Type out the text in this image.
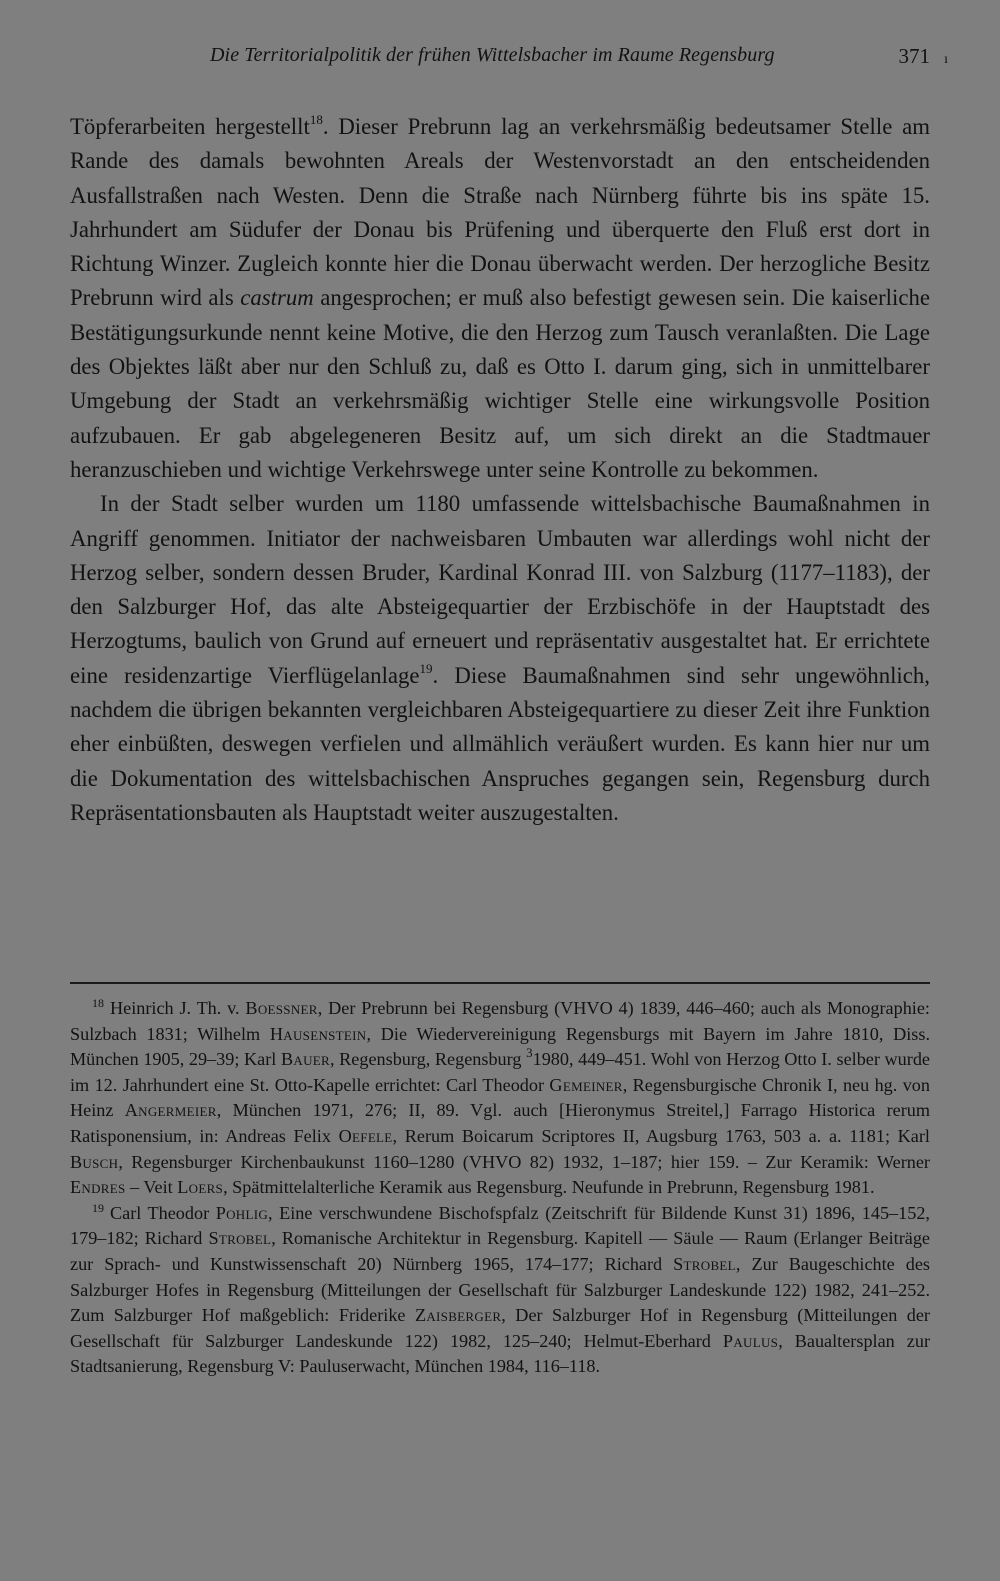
Die Territorialpolitik der frühen Wittelsbacher im Raume Regensburg	371 ı

Töpferarbeiten hergestellt$^{18}$. Dieser Prebrunn lag an verkehrsmäßig bedeutsamer Stelle am Rande des damals bewohnten Areals der Westenvorstadt an den entscheidenden Ausfallstraßen nach Westen. Denn die Straße nach Nürnberg führte bis ins späte 15. Jahrhundert am Südufer der Donau bis Prüfening und überquerte den Fluß erst dort in Richtung Winzer. Zugleich konnte hier die Donau überwacht werden. Der herzogliche Besitz Prebrunn wird als castrum angesprochen; er muß also befestigt gewesen sein. Die kaiserliche Bestätigungsurkunde nennt keine Motive, die den Herzog zum Tausch veranlaßten. Die Lage des Objektes läßt aber nur den Schluß zu, daß es Otto I. darum ging, sich in unmittelbarer Umgebung der Stadt an verkehrsmäßig wichtiger Stelle eine wirkungsvolle Position aufzubauen. Er gab abgelegeneren Besitz auf, um sich direkt an die Stadtmauer heranzuschieben und wichtige Verkehrswege unter seine Kontrolle zu bekommen.

In der Stadt selber wurden um 1180 umfassende wittelsbachische Baumaßnahmen in Angriff genommen. Initiator der nachweisbaren Umbauten war allerdings wohl nicht der Herzog selber, sondern dessen Bruder, Kardinal Konrad III. von Salzburg (1177–1183), der den Salzburger Hof, das alte Absteigequartier der Erzbischöfe in der Hauptstadt des Herzogtums, baulich von Grund auf erneuert und repräsentativ ausgestaltet hat. Er errichtete eine residenzartige Vierflügelanlage$^{19}$. Diese Baumaßnahmen sind sehr ungewöhnlich, nachdem die übrigen bekannten vergleichbaren Absteigequartiere zu dieser Zeit ihre Funktion eher einbüßten, deswegen verfielen und allmählich veräußert wurden. Es kann hier nur um die Dokumentation des wittelsbachischen Anspruches gegangen sein, Regensburg durch Repräsentationsbauten als Hauptstadt weiter auszugestalten.

$^{18}$ Heinrich J. Th. v. Boessner, Der Prebrunn bei Regensburg (VHVO 4) 1839, 446–460; auch als Monographie: Sulzbach 1831; Wilhelm Hausenstein, Die Wiedervereinigung Regensburgs mit Bayern im Jahre 1810, Diss. München 1905, 29–39; Karl Bauer, Regensburg, Regensburg $^3$1980, 449–451. Wohl von Herzog Otto I. selber wurde im 12. Jahrhundert eine St. Otto-Kapelle errichtet: Carl Theodor Gemeiner, Regensburgische Chronik I, neu hg. von Heinz Angermeier, München 1971, 276; II, 89. Vgl. auch [Hieronymus Streitel,] Farrago Historica rerum Ratisponensium, in: Andreas Felix Oefele, Rerum Boicarum Scriptores II, Augsburg 1763, 503 a. a. 1181; Karl Busch, Regensburger Kirchenbaukunst 1160–1280 (VHVO 82) 1932, 1–187; hier 159. – Zur Keramik: Werner Endres – Veit Loers, Spätmittelalterliche Keramik aus Regensburg. Neufunde in Prebrunn, Regensburg 1981.

$^{19}$ Carl Theodor Pohlig, Eine verschwundene Bischofspfalz (Zeitschrift für Bildende Kunst 31) 1896, 145–152, 179–182; Richard Strobel, Romanische Architektur in Regensburg. Kapitell — Säule — Raum (Erlanger Beiträge zur Sprach- und Kunstwissenschaft 20) Nürnberg 1965, 174–177; Richard Strobel, Zur Baugeschichte des Salzburger Hofes in Regensburg (Mitteilungen der Gesellschaft für Salzburger Landeskunde 122) 1982, 241–252. Zum Salzburger Hof maßgeblich: Friderike Zaisberger, Der Salzburger Hof in Regensburg (Mitteilungen der Gesellschaft für Salzburger Landeskunde 122) 1982, 125–240; Helmut-Eberhard Paulus, Baualtersplan zur Stadtsanierung, Regensburg V: Pauluserwacht, München 1984, 116–118.
